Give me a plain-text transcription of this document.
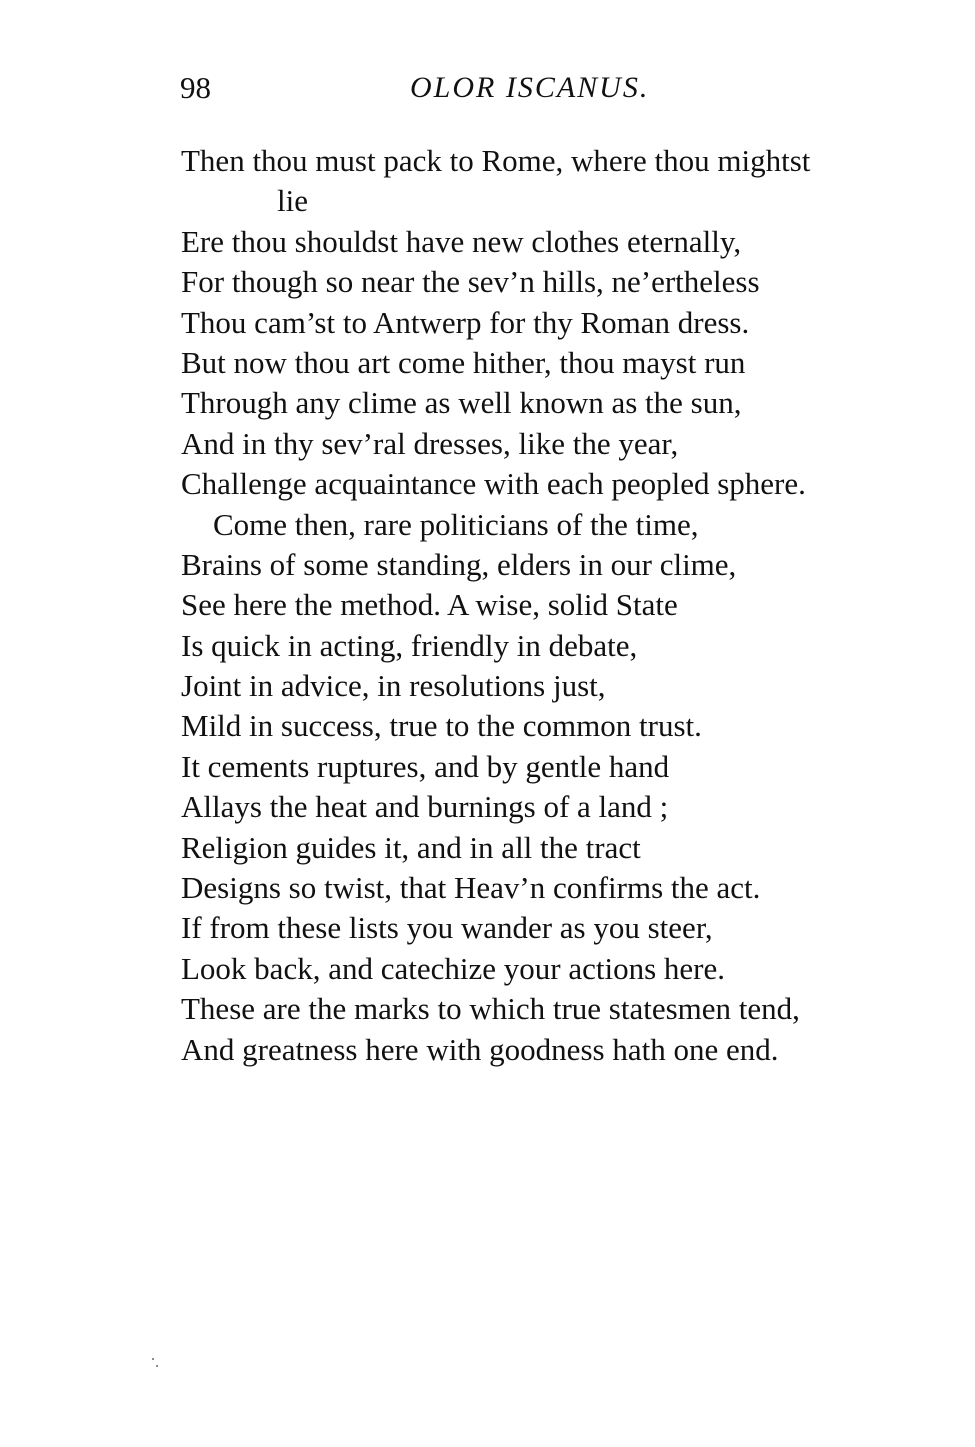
98	OLOR ISCANUS.
Then thou must pack to Rome, where thou mightst
lie
Ere thou shouldst have new clothes eternally,
For though so near the sev’n hills, ne’ertheless
Thou cam’st to Antwerp for thy Roman dress.
But now thou art come hither, thou mayst run
Through any clime as well known as the sun,
And in thy sev’ral dresses, like the year,
Challenge acquaintance with each peopled sphere.
Come then, rare politicians of the time,
Brains of some standing, elders in our clime,
See here the method. A wise, solid State
Is quick in acting, friendly in debate,
Joint in advice, in resolutions just,
Mild in success, true to the common trust.
It cements ruptures, and by gentle hand
Allays the heat and burnings of a land ;
Religion guides it, and in all the tract
Designs so twist, that Heav’n confirms the act.
If from these lists you wander as you steer,
Look back, and catechize your actions here.
These are the marks to which true statesmen tend,
And greatness here with goodness hath one end.
